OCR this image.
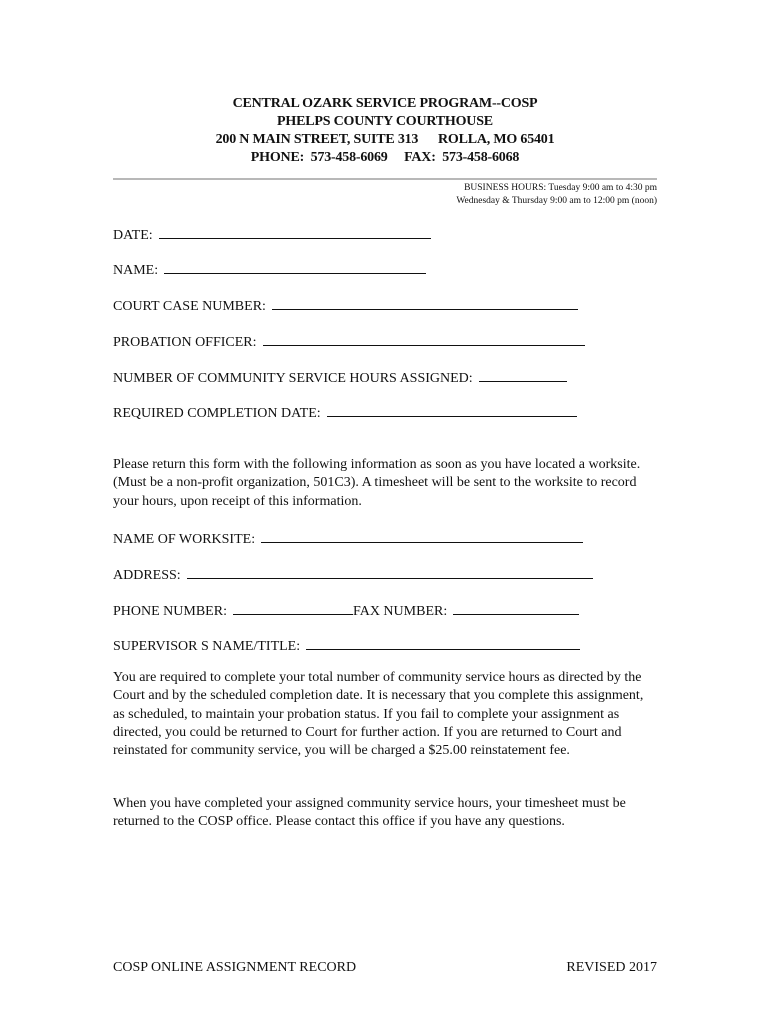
CENTRAL OZARK SERVICE PROGRAM--COSP
PHELPS COUNTY COURTHOUSE
200 N MAIN STREET, SUITE 313      ROLLA, MO 65401
PHONE:  573-458-6069     FAX:  573-458-6068
BUSINESS HOURS: Tuesday 9:00 am to 4:30 pm
Wednesday & Thursday 9:00 am to 12:00 pm (noon)
DATE:
NAME:
COURT CASE NUMBER:
PROBATION OFFICER:
NUMBER OF COMMUNITY SERVICE HOURS ASSIGNED:
REQUIRED COMPLETION DATE:
Please return this form with the following information as soon as you have located a worksite. (Must be a non-profit organization, 501C3). A timesheet will be sent to the worksite to record your hours, upon receipt of this information.
NAME OF WORKSITE:
ADDRESS:
PHONE NUMBER:	FAX NUMBER:
SUPERVISOR S NAME/TITLE:
You are required to complete your total number of community service hours as directed by the Court and by the scheduled completion date. It is necessary that you complete this assignment, as scheduled, to maintain your probation status. If you fail to complete your assignment as directed, you could be returned to Court for further action. If you are returned to Court and reinstated for community service, you will be charged a $25.00 reinstatement fee.
When you have completed your assigned community service hours, your timesheet must be returned to the COSP office. Please contact this office if you have any questions.
COSP ONLINE ASSIGNMENT RECORD	REVISED 2017
